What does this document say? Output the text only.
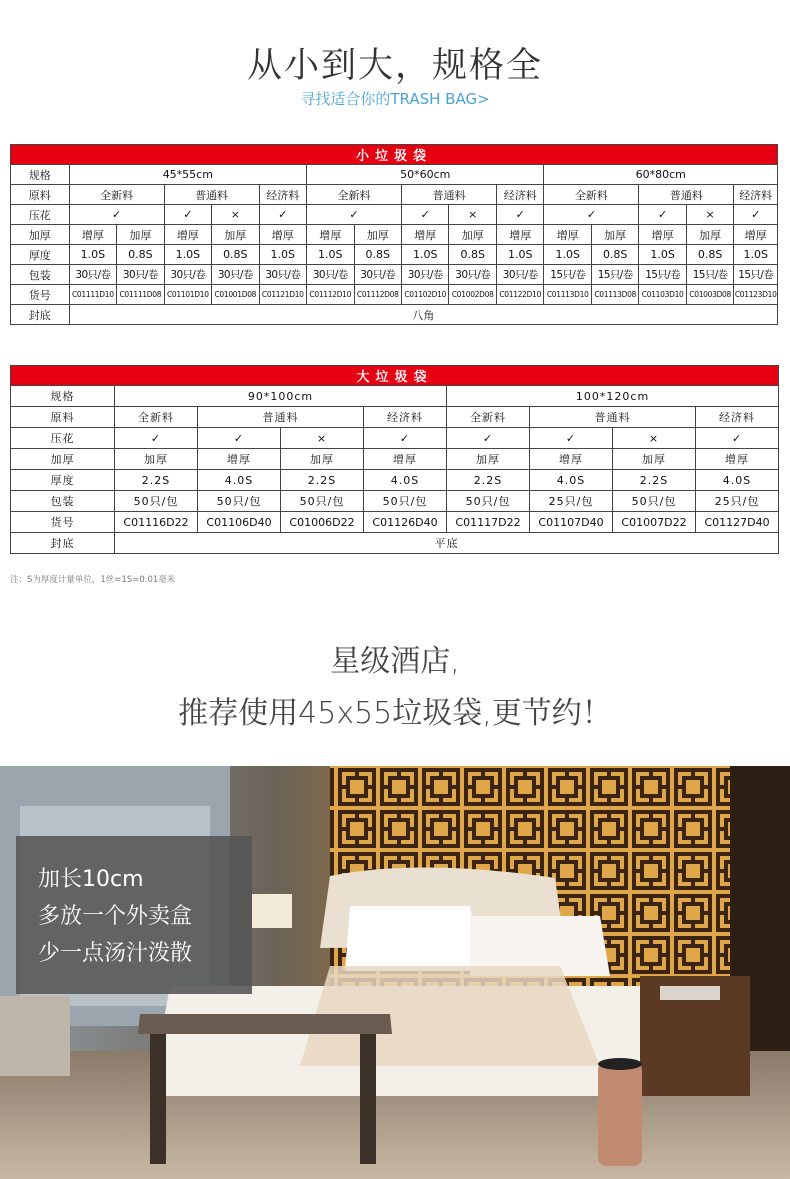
从小到大，规格全
寻找适合你的TRASH BAG>
小垃圾袋															
规格	45*55cm					50*60cm					60*80cm				
原料	全新料		普通料		经济料	全新料		普通料		经济料	全新料		普通料		经济料
压花	✓		✓	×	✓	✓		✓	×	✓	✓		✓	×	✓
加厚	增厚	加厚	增厚	加厚	增厚	增厚	加厚	增厚	加厚	增厚	增厚	加厚	增厚	加厚	增厚
厚度	1.0S	0.8S	1.0S	0.8S	1.0S	1.0S	0.8S	1.0S	0.8S	1.0S	1.0S	0.8S	1.0S	0.8S	1.0S
包装	30只/卷	30只/卷	30只/卷	30只/卷	30只/卷	30只/卷	30只/卷	30只/卷	30只/卷	30只/卷	15只/卷	15只/卷	15只/卷	15只/卷	15只/卷
货号	C01111D10	C01111D08	C01101D10	C01001D08	C01121D10	C01112D10	C01112D08	C01102D10	C01002D08	C01122D10	C01113D10	C01113D08	C01103D10	C01003D08	C01123D10
封底	八角														
大垃圾袋								
规格	90*100cm				100*120cm			
原料	全新料	普通料		经济料	全新料	普通料		经济料
压花	✓	✓	×	✓	✓	✓	×	✓
加厚	加厚	增厚	加厚	增厚	加厚	增厚	加厚	增厚
厚度	2.2S	4.0S	2.2S	4.0S	2.2S	4.0S	2.2S	4.0S
包装	50只/包	50只/包	50只/包	50只/包	50只/包	25只/包	50只/包	25只/包
货号	C01116D22	C01106D40	C01006D22	C01126D40	C01117D22	C01107D40	C01007D22	C01127D40
封底	平底							
注：S为厚度计量单位，1丝=1S=0.01毫米
星级酒店,
推荐使用45x55垃圾袋,更节约！
加长10cm
多放一个外卖盒
少一点汤汁泼散
